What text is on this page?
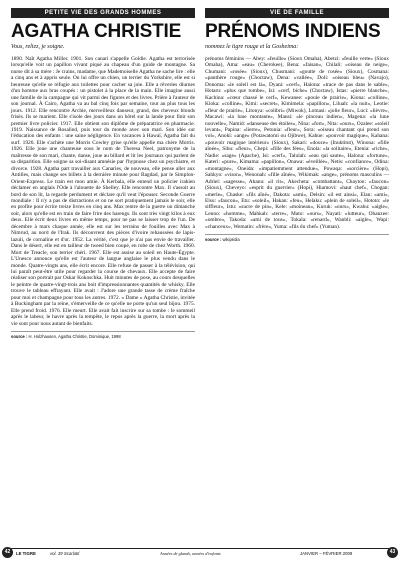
PETITE VIE DES GRANDS HOMMES
AGATHA CHRISTIE
Vous, reliez, je soigne.

1890. Naît Agatha Miller. 1901. Son canari s'appelle Goldie. Agatha est terrorisée lorsqu'elle voit un papillon vivant piqué au chapeau d'un guide de montagne. Sa nurse dit à sa mère : Je crains, madame, que Mademoiselle Agatha ne sache lire : elle a cinq ans et à appris seule. On lui offre un chien, un terrier du Yorkshire, elle est si heureuse qu'elle se réfugie aux toilettes pour cacher sa joie. Elle a rêveries diurnes d'un homme aux bras coupés : un pistolet à la place de la main. Elle imagine aussi une famille de la campagne qui vit parmi des figures et des livres. Prière à l'auteur de son journal. À Cairo, Agatha va au bal cinq fois par semaine, tout au plus tous les jours. 1912. Elle rencontre Archie, merveilleux danseur, grand, des cheveux blonds frisés. Ils se marient. Elle s'isole des jours dans un hôtel sur la lande pour finir son premier livre policier. 1917. Elle obtient son diplôme de préparatrice en pharmacie. 1919. Naissance de Rosalind, puis tour du monde avec son mari. Son idée sur l'éducation des enfants : une saine négligence. En vacances à Hawaï, Agatha fait du surf. 1926. Elle s'achète une Morris Cowley grise qu'elle appelle ma chère Morris. 1926. Elle joue une chanteuse sous le nom de Theresa Neel, patronyme de la maîtresse de son mari, chante, danse, joue au billard et lit les journaux qui parlent de sa disparition. Elle soigne sa soi-disant amnésie par l'hypnose chez un psychiatre, et divorce. 1928. Agatha part travailler aux Canaries, de nouveau, elle pense aller aux Antilles, mais change ses billets à la dernière minute pour Bagdad, par le Simplon-Orient-Express. Le train est mon amie. À Kerbala, elle entend un policier irakien déclamer en anglais l'Ode à l'alouette de Shelley. Elle rencontre Max. Il s'assoit au bord de son lit, la regarde perdument et déclare qu'il veut l'épouser. Seconde Guerre mondiale : Il n'y a pas de distractions et on ne sort pratiquement jamais le soir, elle en profite pour écrire treize livres en cinq ans. Max rentre de la guerre un dimanche soir, alors qu'elle est en train de faire frire des harengs. Ils sont très vingt kilos à eux deux. Elle écrit deux livres en même temps, pour ne pas se laisser trop de l'un. De décembre à mars chaque année, elle est sur les terrains de fouilles avec Max à Nimrud, au nord de l'Irak. Ils découvrent des pièces d'ivoire rehaussées de lapis-lazuli, de cornaline et d'or. 1952. La vérité, c'est que je n'ai pas envie de travailler. Dans le désert, elle est en tailleur de tweed bien coupé, en robe de chez Worth. 1960. Mort de Treacle, son terrier chéri. 1967. Elle est assise au soleil en Haute-Égypte. L'Unesco annonce qu'elle est l'auteur de langue anglaise le plus vendu dans le monde. Quatre-vingts ans, elle écrit encore. Elle refuse de passer à la télévision, qui lui paraît peut-être utile pour regarder la course de chevaux. Elle accepte de faire réaliser son portrait par Oskar Kokoschka. Huit minutes de pose, au cours desquelles le peintre de quatre-vingt-trois ans boit d'impressionnantes quantités de whisky. Elle trouve le tableau effrayant. Elle avait : J'adore une grande tasse de crème fraîche pour moi et champagne pour tous les autres. 1972. « Dame » Agatha Christie, invitée à Buckingham par la reine, s'émerveille de ce qu'elle ne porte qu'un seul bijou. 1975. Elle prend froid. 1976. Elle meurt. Elle avait fait inscrire sur sa tombe : le sommeil après le labeur, le havre après la tempête, le repos après la guerre, la mort après la vie sont pour nous autant de bienfaits.

source : H. Holzhausen, Agatha Christie, Dominique, 1998
VIE DE FAMILLE
PRÉNOMS INDIENS
nommez le tigre rouge et la Gosheima:

prénoms féminins — Abey: «feuille» (Sioux Omaha), Abetzi: «feuille verte» (Sioux Omaha), Ama: «eau» (Cherokee), Bena: «faisan», Chilali: «oiseau de neige», Chumani: «rosée» (Sioux), Chusmani: «goutte de rosée» (Sioux), Cosmana: «panthère rouge» (Choctaw), Dena: «vallée», Doli: «oiseau bleu» (Navajo), Donoma: «le soleil est là», Dyani: «cerf», Halona: «trace de pas dans le sable», Hotaru: «plus que tombe», Isi: «cerf, biche» (Choctaw), Istas: «pierre blanche», Kachina: «cœur chassé le cerf», Kewanee: «poule de prairie», Kiona: «colline», Kioka: «colline», Kimi: «secret», Kimimela: «papillon», Liluah: «la nuit», Leotie: «fleur de prairie», Litonya: «colibri» (Miwok), Lomasi: «jolie fleur», Luci: «lièvre», Macawi: «la lune montante», Mansi: «le pinceau indien», Magena: «la lune nouvelle», Namid: «danseuse des étoiles», Nina: «fort», Nita: «ours», Ozalee: «soleil levant», Papina: «lierre», Petunia: «fleur», Sora: «oiseau chantant qui prend son vol», Anoki: «ange» (Potawatomi ou Ojibwe), Kahue: «pouvoir magique», Kahana: «pouvoir magique intérieur» (Sioux), Sakari: «douce» (Inuktitut), Winona: «fille aînée», Sihu: «fleur», Chepi: «fille des fées», Enola: «la solitaire», Etenia: «riche», Nadie: «sage» (Apache), Isi: «cerf», Talulah: «eau qui saute», Halona: «fortune», Kateri: «pure», Kimama: «papillon», Onawa: «éveillée», Netis: «confiance», Odina: «montagne», Oneida: «impatiemment attendue», Powaqa: «sorcière» (Hopi), Sahkyo: «vison», Wenonah: «fille aînée», Wikimak: «ange», prénoms masculins — Adriel: «sagesse», Ahanu: «il rit», Akecheta: «combattant», Chayton: «faucon» (Sioux), Cheveyo: «esprit du guerrier» (Hopi), Hiamovi: «haut chef», Chogan: «merle», Chaske: «fils aîné», Dakota: «ami», Delsin: «il est ainsi», Elan: «ami», Elsu: «faucon», Etu: «soleil», Hakan: «feu», Helaku: «plein de soleil», Hototo: «le siffleur», Istu: «sucre de pin», Kele: «moineau», Kuruk: «ours», Kwahu: «aigle», Lenno: «homme», Mahkah: «terre», Mato: «ours», Nayati: «lutteur», Ohanzee: «ombre», Takoda: «ami de tous», Tokala: «renard», Wanbli: «aigle», Wapi: «chanceux», Wematin: «frère», Yuma: «fils du chef» (Yuman).

source : wikipédia
42	LE TIGRE	vol. 39 Scarlatti	Années de glands, années d'enfants	JANVIER – FÉVRIER 2009	43
